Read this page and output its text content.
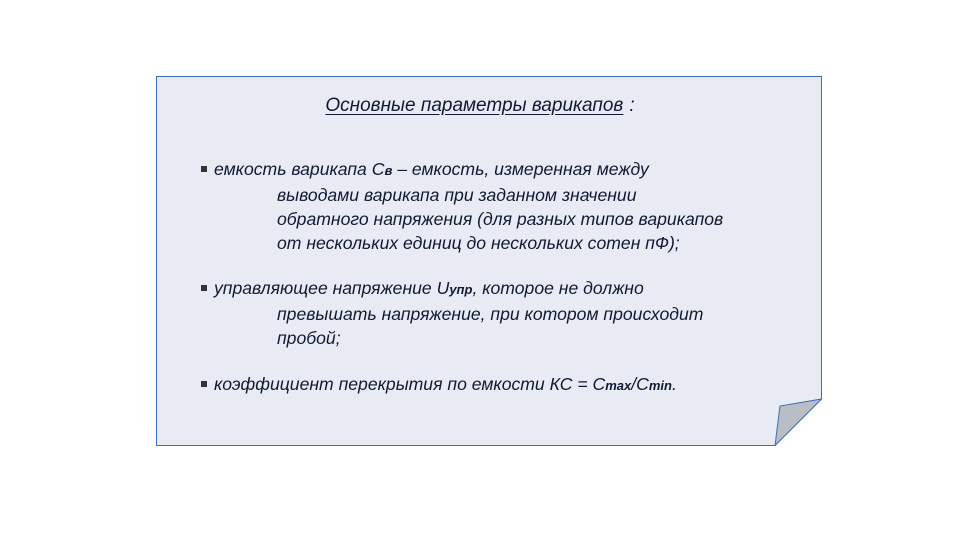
Основные параметры варикапов :
емкость варикапа Cв – емкость, измеренная между
выводами варикапа при заданном значении
обратного напряжения (для разных типов варикапов
от нескольких единиц до нескольких сотен пФ);
управляющее напряжение Uупр, которое не должно
превышать напряжение, при котором происходит
пробой;
коэффициент перекрытия по емкости КС = Cmax/Cmin.
